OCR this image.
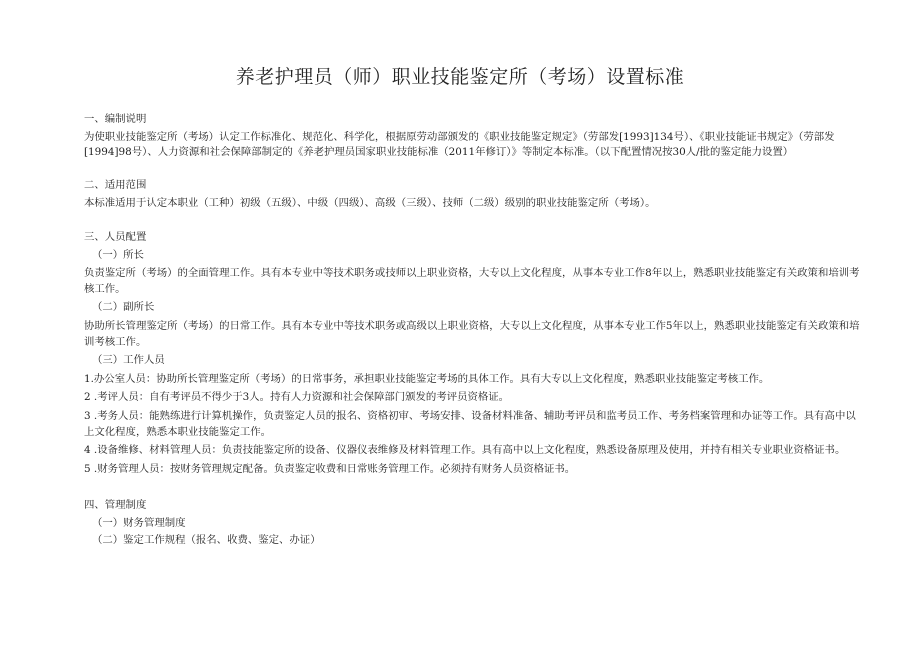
养老护理员（师）职业技能鉴定所（考场）设置标准

一、编制说明

为使职业技能鉴定所（考场）认定工作标准化、规范化、科学化，根据原劳动部颁发的《职业技能鉴定规定》（劳部发[1993]134号）、《职业技能证书规定》（劳部发[1994]98号）、人力资源和社会保障部制定的《养老护理员国家职业技能标准（2011年修订）》等制定本标准。（以下配置情况按30人/批的鉴定能力设置）

二、适用范围

本标准适用于认定本职业（工种）初级（五级）、中级（四级）、高级（三级）、技师（二级）级别的职业技能鉴定所（考场）。

三、人员配置

（一）所长

负责鉴定所（考场）的全面管理工作。具有本专业中等技术职务或技师以上职业资格，大专以上文化程度，从事本专业工作8年以上，熟悉职业技能鉴定有关政策和培训考核工作。

（二）副所长

协助所长管理鉴定所（考场）的日常工作。具有本专业中等技术职务或高级以上职业资格，大专以上文化程度，从事本专业工作5年以上，熟悉职业技能鉴定有关政策和培训考核工作。

（三）工作人员

1.办公室人员：协助所长管理鉴定所（考场）的日常事务，承担职业技能鉴定考场的具体工作。具有大专以上文化程度，熟悉职业技能鉴定考核工作。

2 .考评人员：自有考评员不得少于3人。持有人力资源和社会保障部门颁发的考评员资格证。

3 .考务人员：能熟练进行计算机操作，负责鉴定人员的报名、资格初审、考场安排、设备材料准备、辅助考评员和监考员工作、考务档案管理和办证等工作。具有高中以上文化程度，熟悉本职业技能鉴定工作。

4 .设备维修、材料管理人员：负责技能鉴定所的设备、仪器仪表维修及材料管理工作。具有高中以上文化程度，熟悉设备原理及使用，并持有相关专业职业资格证书。

5 .财务管理人员：按财务管理规定配备。负责鉴定收费和日常账务管理工作。必须持有财务人员资格证书。

四、管理制度

（一）财务管理制度

（二）鉴定工作规程（报名、收费、鉴定、办证）
